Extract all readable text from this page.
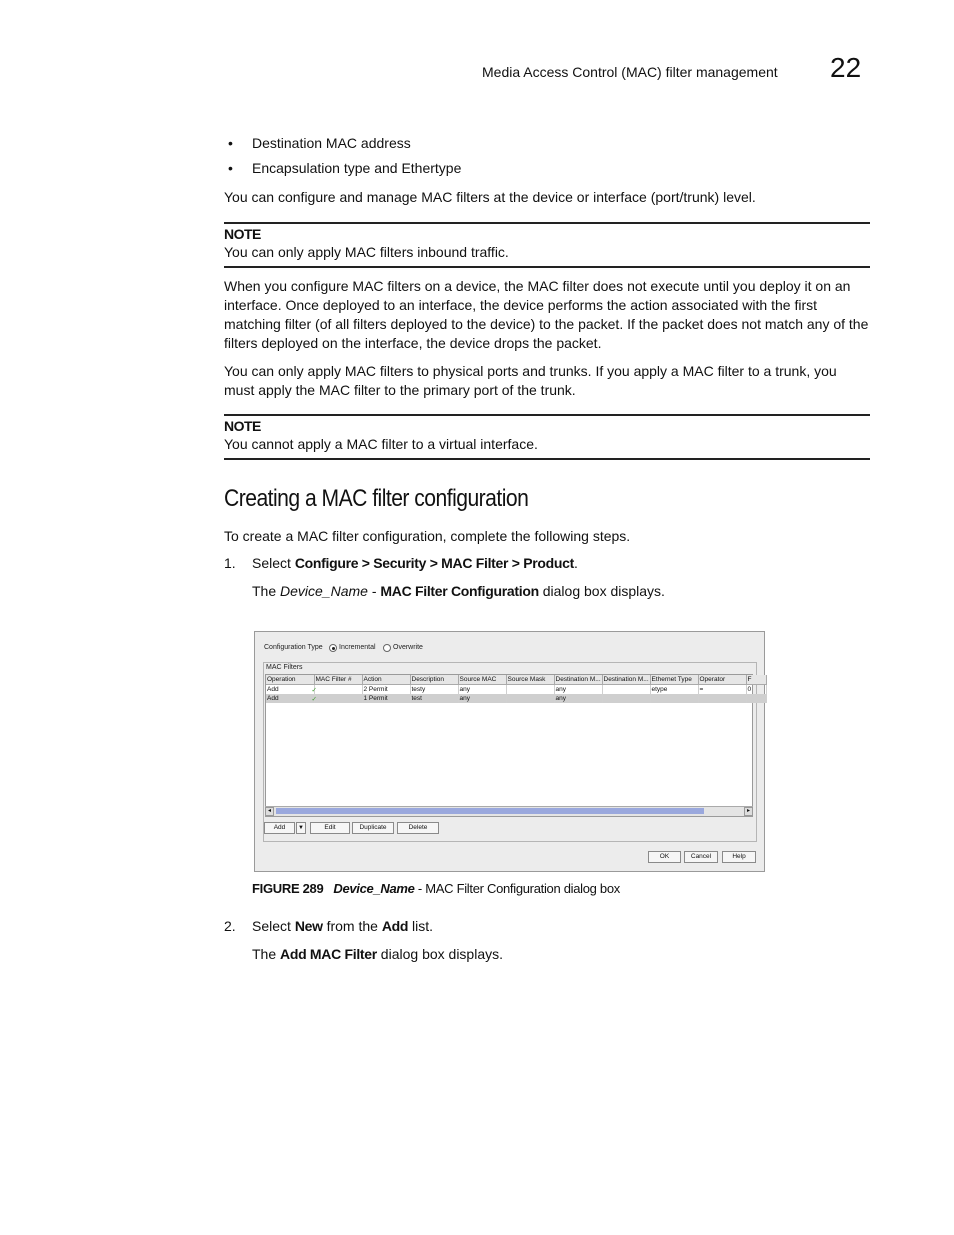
Media Access Control (MAC) filter management 22
• Destination MAC address
• Encapsulation type and Ethertype
You can configure and manage MAC filters at the device or interface (port/trunk) level.
NOTE
You can only apply MAC filters inbound traffic.
When you configure MAC filters on a device, the MAC filter does not execute until you deploy it on an interface. Once deployed to an interface, the device performs the action associated with the first matching filter (of all filters deployed to the device) to the packet. If the packet does not match any of the filters deployed on the interface, the device drops the packet.
You can only apply MAC filters to physical ports and trunks. If you apply a MAC filter to a trunk, you must apply the MAC filter to the primary port of the trunk.
NOTE
You cannot apply a MAC filter to a virtual interface.
Creating a MAC filter configuration
To create a MAC filter configuration, complete the following steps.
1. Select Configure > Security > MAC Filter > Product.
The Device_Name - MAC Filter Configuration dialog box displays.
Configuration Type Incremental Overwrite
MAC Filters
Operation	MAC Filter #	Action	Description	Source MAC	Source Mask	Destination M...	Destination M...	Ethernet Type	Operator	F
Add	✓	2 Permit	testy	any		any		etype	=	0
Add	✓	1 Permit	test	any		any				
◂	▸
Add	▼	Edit	Duplicate	Delete
OK	Cancel	Help
FIGURE 289 Device_Name - MAC Filter Configuration dialog box
2. Select New from the Add list.
The Add MAC Filter dialog box displays.
